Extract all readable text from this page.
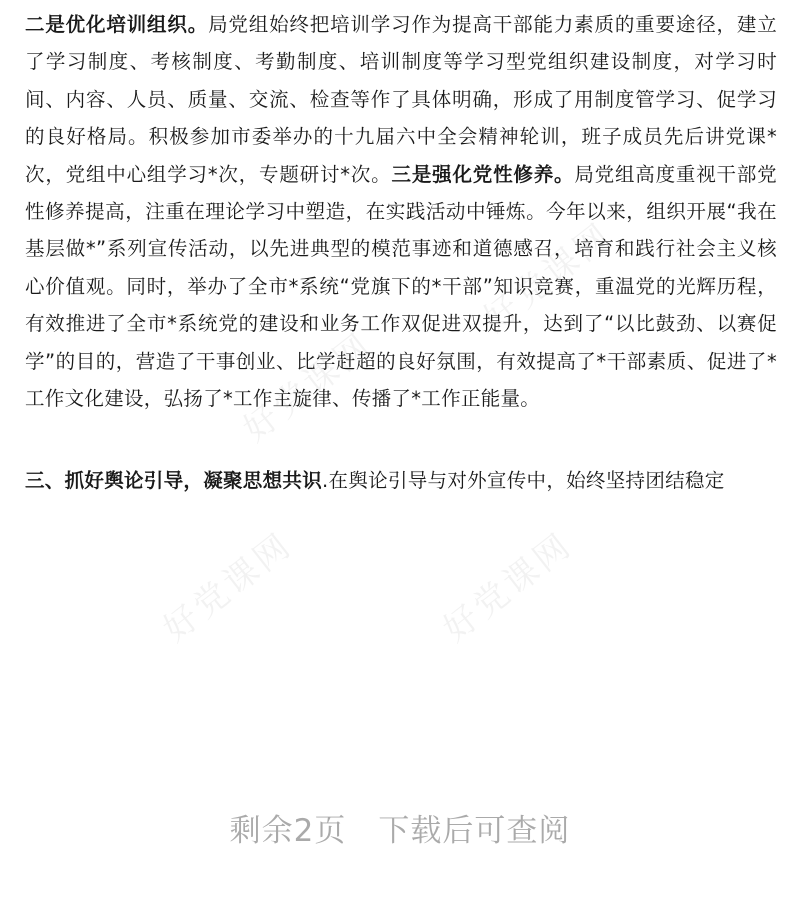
好党课网	好党课网
好党课网
好党课网

二是优化培训组织。局党组始终把培训学习作为提高干部能力素质的重要途径，建立了学习制度、考核制度、考勤制度、培训制度等学习型党组织建设制度，对学习时间、内容、人员、质量、交流、检查等作了具体明确，形成了用制度管学习、促学习的良好格局。积极参加市委举办的十九届六中全会精神轮训，班子成员先后讲党课*次，党组中心组学习*次，专题研讨*次。三是强化党性修养。局党组高度重视干部党性修养提高，注重在理论学习中塑造，在实践活动中锤炼。今年以来，组织开展“我在基层做*”系列宣传活动，以先进典型的模范事迹和道德感召，培育和践行社会主义核心价值观。同时，举办了全市*系统“党旗下的*干部”知识竞赛，重温党的光辉历程，有效推进了全市*系统党的建设和业务工作双促进双提升，达到了“以比鼓劲、以赛促学”的目的，营造了干事创业、比学赶超的良好氛围，有效提高了*干部素质、促进了*工作文化建设，弘扬了*工作主旋律、传播了*工作正能量。

三、抓好舆论引导，凝聚思想共识.在舆论引导与对外宣传中，始终坚持团结稳定

剩余2页 下载后可查阅
